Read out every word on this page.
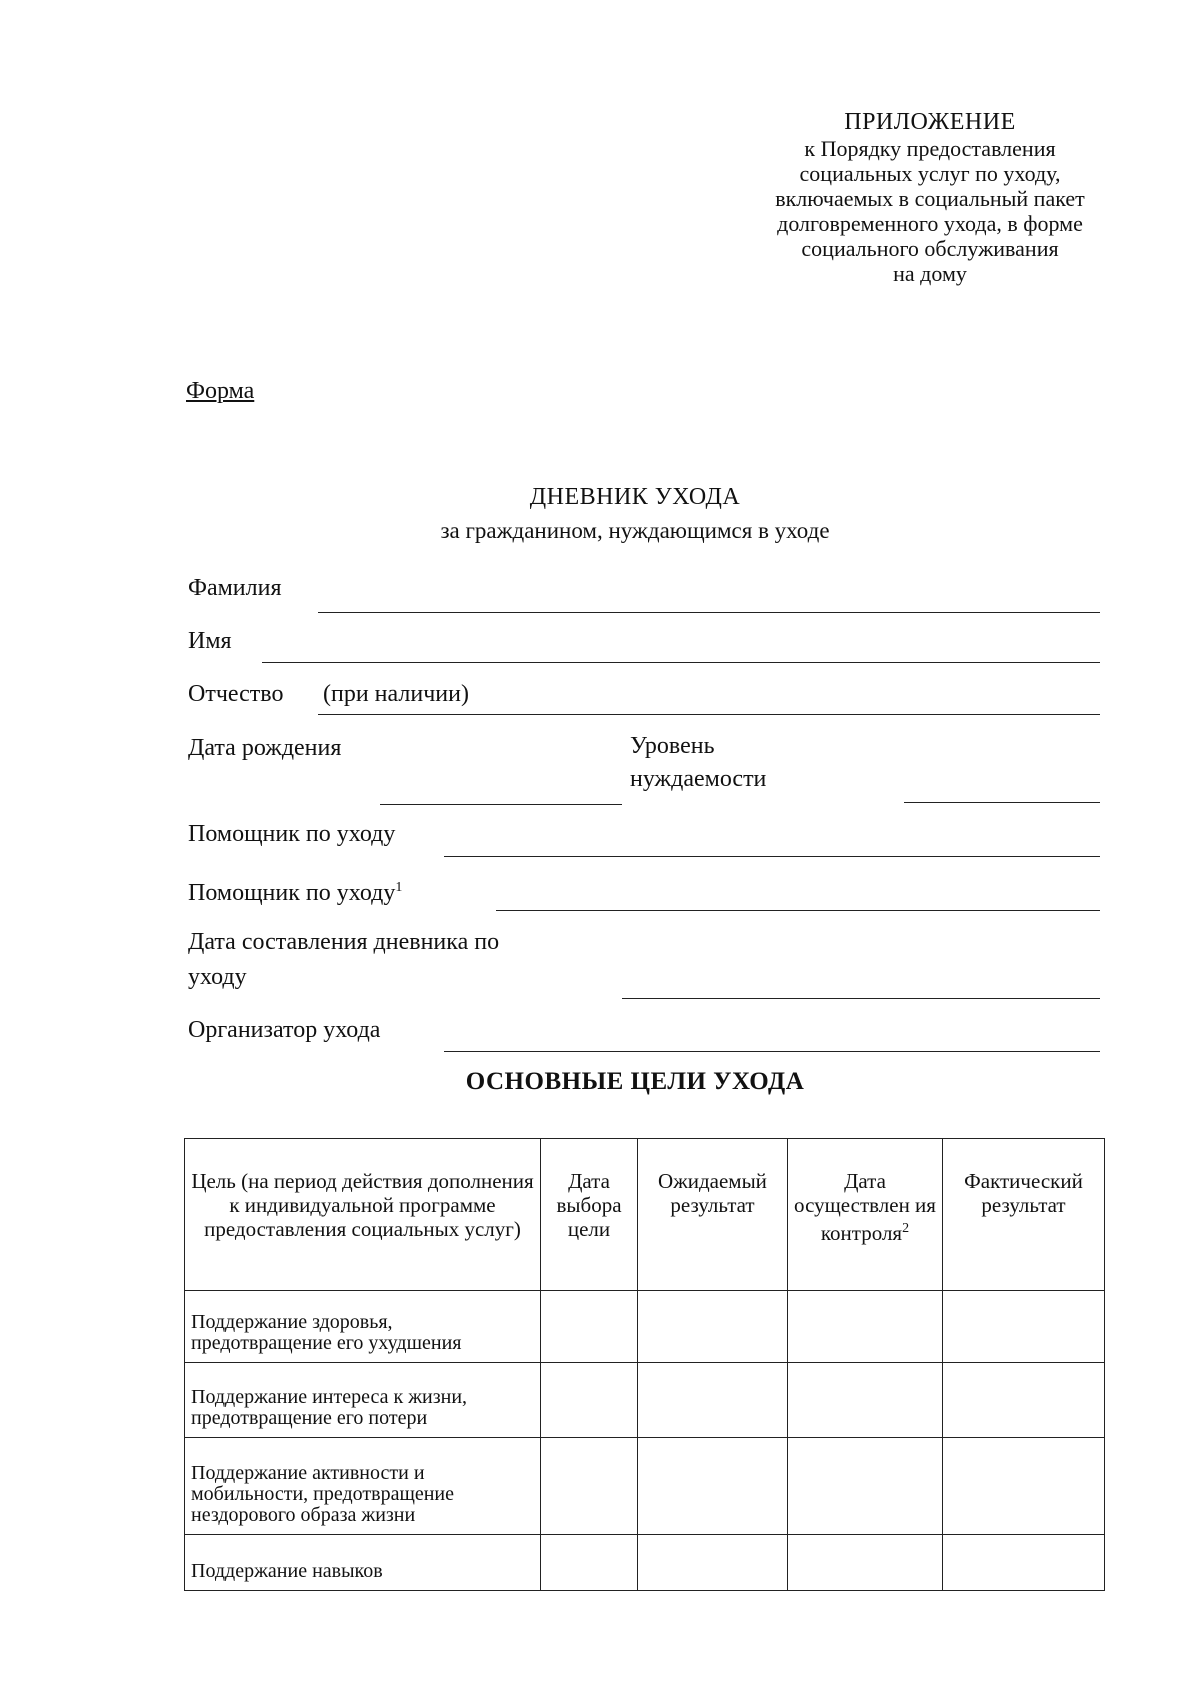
ПРИЛОЖЕНИЕ
к Порядку предоставления
социальных услуг по уходу,
включаемых в социальный пакет
долговременного ухода, в форме
социального обслуживания
на дому
Форма
ДНЕВНИК УХОДА
за гражданином, нуждающимся в уходе
Фамилия
Имя
Отчество (при наличии)
Дата рождения	Уровень
нуждаемости
Помощник по уходу
Помощник по уходу$^1$
Дата составления дневника по
уходу
Организатор ухода
ОСНОВНЫЕ ЦЕЛИ УХОДА
Цель (на период действия дополнения к индивидуальной программе предоставления социальных услуг)	Дата выбора цели	Ожидаемый результат	Дата осуществлен ия контроля$^2$	Фактический результат
Поддержание здоровья, предотвращение его ухудшения				
Поддержание интереса к жизни, предотвращение его потери				
Поддержание активности и мобильности, предотвращение нездорового образа жизни				
Поддержание навыков				
